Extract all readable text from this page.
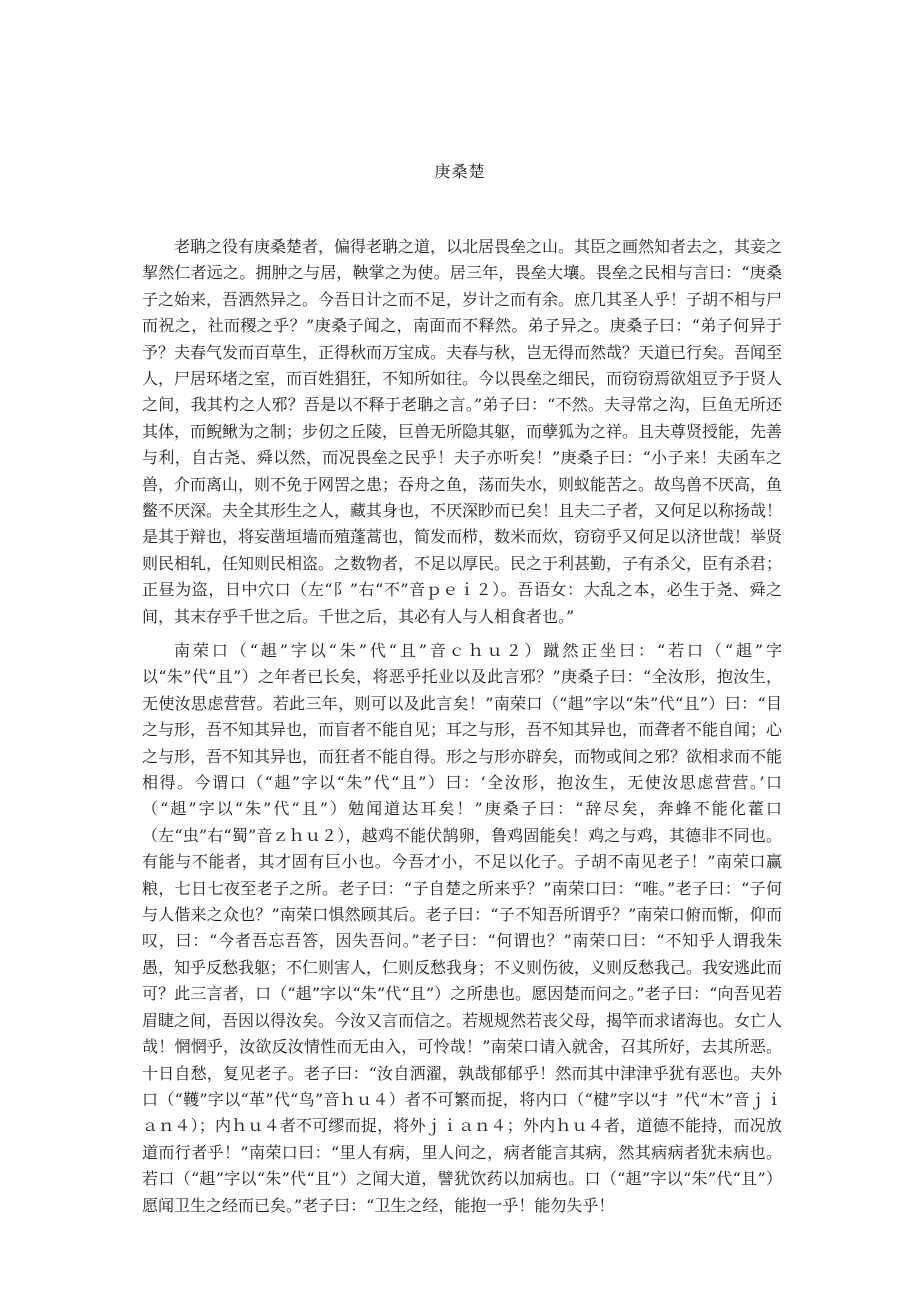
庚桑楚

老聃之役有庚桑楚者，偏得老聃之道，以北居畏垒之山。其臣之画然知者去之，其妾之挈然仁者远之。拥肿之与居，鞅掌之为使。居三年，畏垒大壤。畏垒之民相与言曰：“庚桑子之始来，吾洒然异之。今吾日计之而不足，岁计之而有余。庶几其圣人乎！子胡不相与尸而祝之，社而稷之乎？”庚桑子闻之，南面而不释然。弟子异之。庚桑子曰：“弟子何异于予？夫春气发而百草生，正得秋而万宝成。夫春与秋，岂无得而然哉？天道已行矣。吾闻至人，尸居环堵之室，而百姓猖狂，不知所如往。今以畏垒之细民，而窃窃焉欲俎豆予于贤人之间，我其杓之人邪？吾是以不释于老聃之言。”弟子曰：“不然。夫寻常之沟，巨鱼无所还其体，而鲵鳅为之制；步仞之丘陵，巨兽无所隐其躯，而孽狐为之祥。且夫尊贤授能，先善与利，自古尧、舜以然，而况畏垒之民乎！夫子亦听矣！”庚桑子曰：“小子来！夫函车之兽，介而离山，则不免于网罟之患；吞舟之鱼，荡而失水，则蚁能苦之。故鸟兽不厌高，鱼鳖不厌深。夫全其形生之人，藏其身也，不厌深眇而已矣！且夫二子者，又何足以称扬哉！是其于辩也，将妄凿垣墙而殖蓬蒿也，简发而栉，数米而炊，窃窃乎又何足以济世哉！举贤则民相轧，任知则民相盗。之数物者，不足以厚民。民之于利甚勤，子有杀父，臣有杀君；正昼为盗，日中穴口（左“阝”右“不”音ｐｅｉ２）。吾语女：大乱之本，必生于尧、舜之间，其末存乎千世之后。千世之后，其必有人与人相食者也。”

南荣口（“趄”字以“朱”代“且”音ｃｈｕ２）蹴然正坐曰：“若口（“趄”字以“朱”代“且”）之年者已长矣，将恶乎托业以及此言邪？”庚桑子曰：“全汝形，抱汝生，无使汝思虑营营。若此三年，则可以及此言矣！”南荣口（“趄”字以“朱”代“且”）曰：“目之与形，吾不知其异也，而盲者不能自见；耳之与形，吾不知其异也，而聋者不能自闻；心之与形，吾不知其异也，而狂者不能自得。形之与形亦辟矣，而物或间之邪？欲相求而不能相得。今谓口（“趄”字以“朱”代“且”）曰：‘全汝形，抱汝生，无使汝思虑营营。’口（“趄”字以“朱”代“且”）勉闻道达耳矣！”庚桑子曰：“辞尽矣，奔蜂不能化藿口（左“虫”右“蜀”音ｚｈｕ２），越鸡不能伏鹄卵，鲁鸡固能矣！鸡之与鸡，其德非不同也。有能与不能者，其才固有巨小也。今吾才小，不足以化子。子胡不南见老子！”南荣口赢粮，七日七夜至老子之所。老子曰：“子自楚之所来乎？”南荣口曰：“唯。”老子曰：“子何与人偕来之众也？”南荣口惧然顾其后。老子曰：“子不知吾所谓乎？”南荣口俯而惭，仰而叹，曰：“今者吾忘吾答，因失吾问。”老子曰：“何谓也？”南荣口曰：“不知乎人谓我朱愚，知乎反愁我躯；不仁则害人，仁则反愁我身；不义则伤彼，义则反愁我己。我安逃此而可？此三言者，口（“趄”字以“朱”代“且”）之所患也。愿因楚而问之。”老子曰：“向吾见若眉睫之间，吾因以得汝矣。今汝又言而信之。若规规然若丧父母，揭竿而求诸海也。女亡人哉！惘惘乎，汝欲反汝情性而无由入，可怜哉！”南荣口请入就舍，召其所好，去其所恶。十日自愁，复见老子。老子曰：“汝自洒濯，孰哉郁郁乎！然而其中津津乎犹有恶也。夫外口（“韄”字以“革”代“鸟”音ｈｕ４）者不可繁而捉，将内口（“楗”字以“扌”代“木”音ｊｉａｎ４）；内ｈｕ４者不可缪而捉，将外ｊｉａｎ４；外内ｈｕ４者，道德不能持，而况放道而行者乎！”南荣口曰：“里人有病，里人问之，病者能言其病，然其病病者犹未病也。若口（“趄”字以“朱”代“且”）之闻大道，譬犹饮药以加病也。口（“趄”字以“朱”代“且”）愿闻卫生之经而已矣。”老子曰：“卫生之经，能抱一乎！能勿失乎！
